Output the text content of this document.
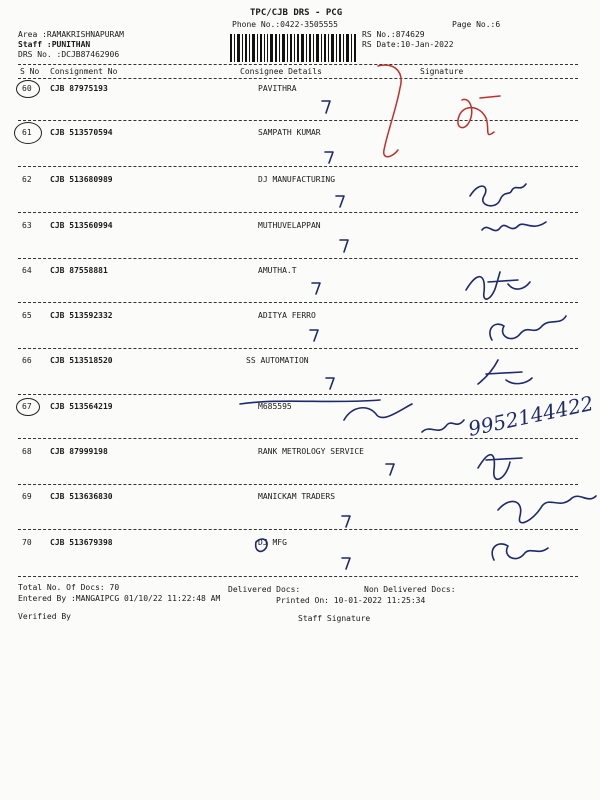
TPC/CJB DRS - PCG
Phone No.:0422-3505555	Page No.:6
Area :RAMAKRISHNAPURAM
Staff :PUNITHAN
DRS No. :DCJB87462906
RS No.:874629
RS Date:10-Jan-2022
S No Consignment No	Consignee Details	Signature
60 CJB 87975193	PAVITHRA
61 CJB 513570594	SAMPATH KUMAR
62 CJB 513680989	DJ MANUFACTURING
63 CJB 513560994	MUTHUVELAPPAN
64 CJB 87558881	AMUTHA.T
65 CJB 513592332	ADITYA FERRO
66 CJB 513518520	SS AUTOMATION
67 CJB 513564219	M685595
68 CJB 87999198	RANK METROLOGY SERVICE
69 CJB 513636830	MANICKAM TRADERS
70 CJB 513679398	DJ MFG
Total No. Of Docs: 70	Delivered Docs:	Non Delivered Docs:
Entered By :MANGAIPCG 01/10/22 11:22:48 AM	Printed On: 10-01-2022 11:25:34
Verified By	Staff Signature
9952144422
